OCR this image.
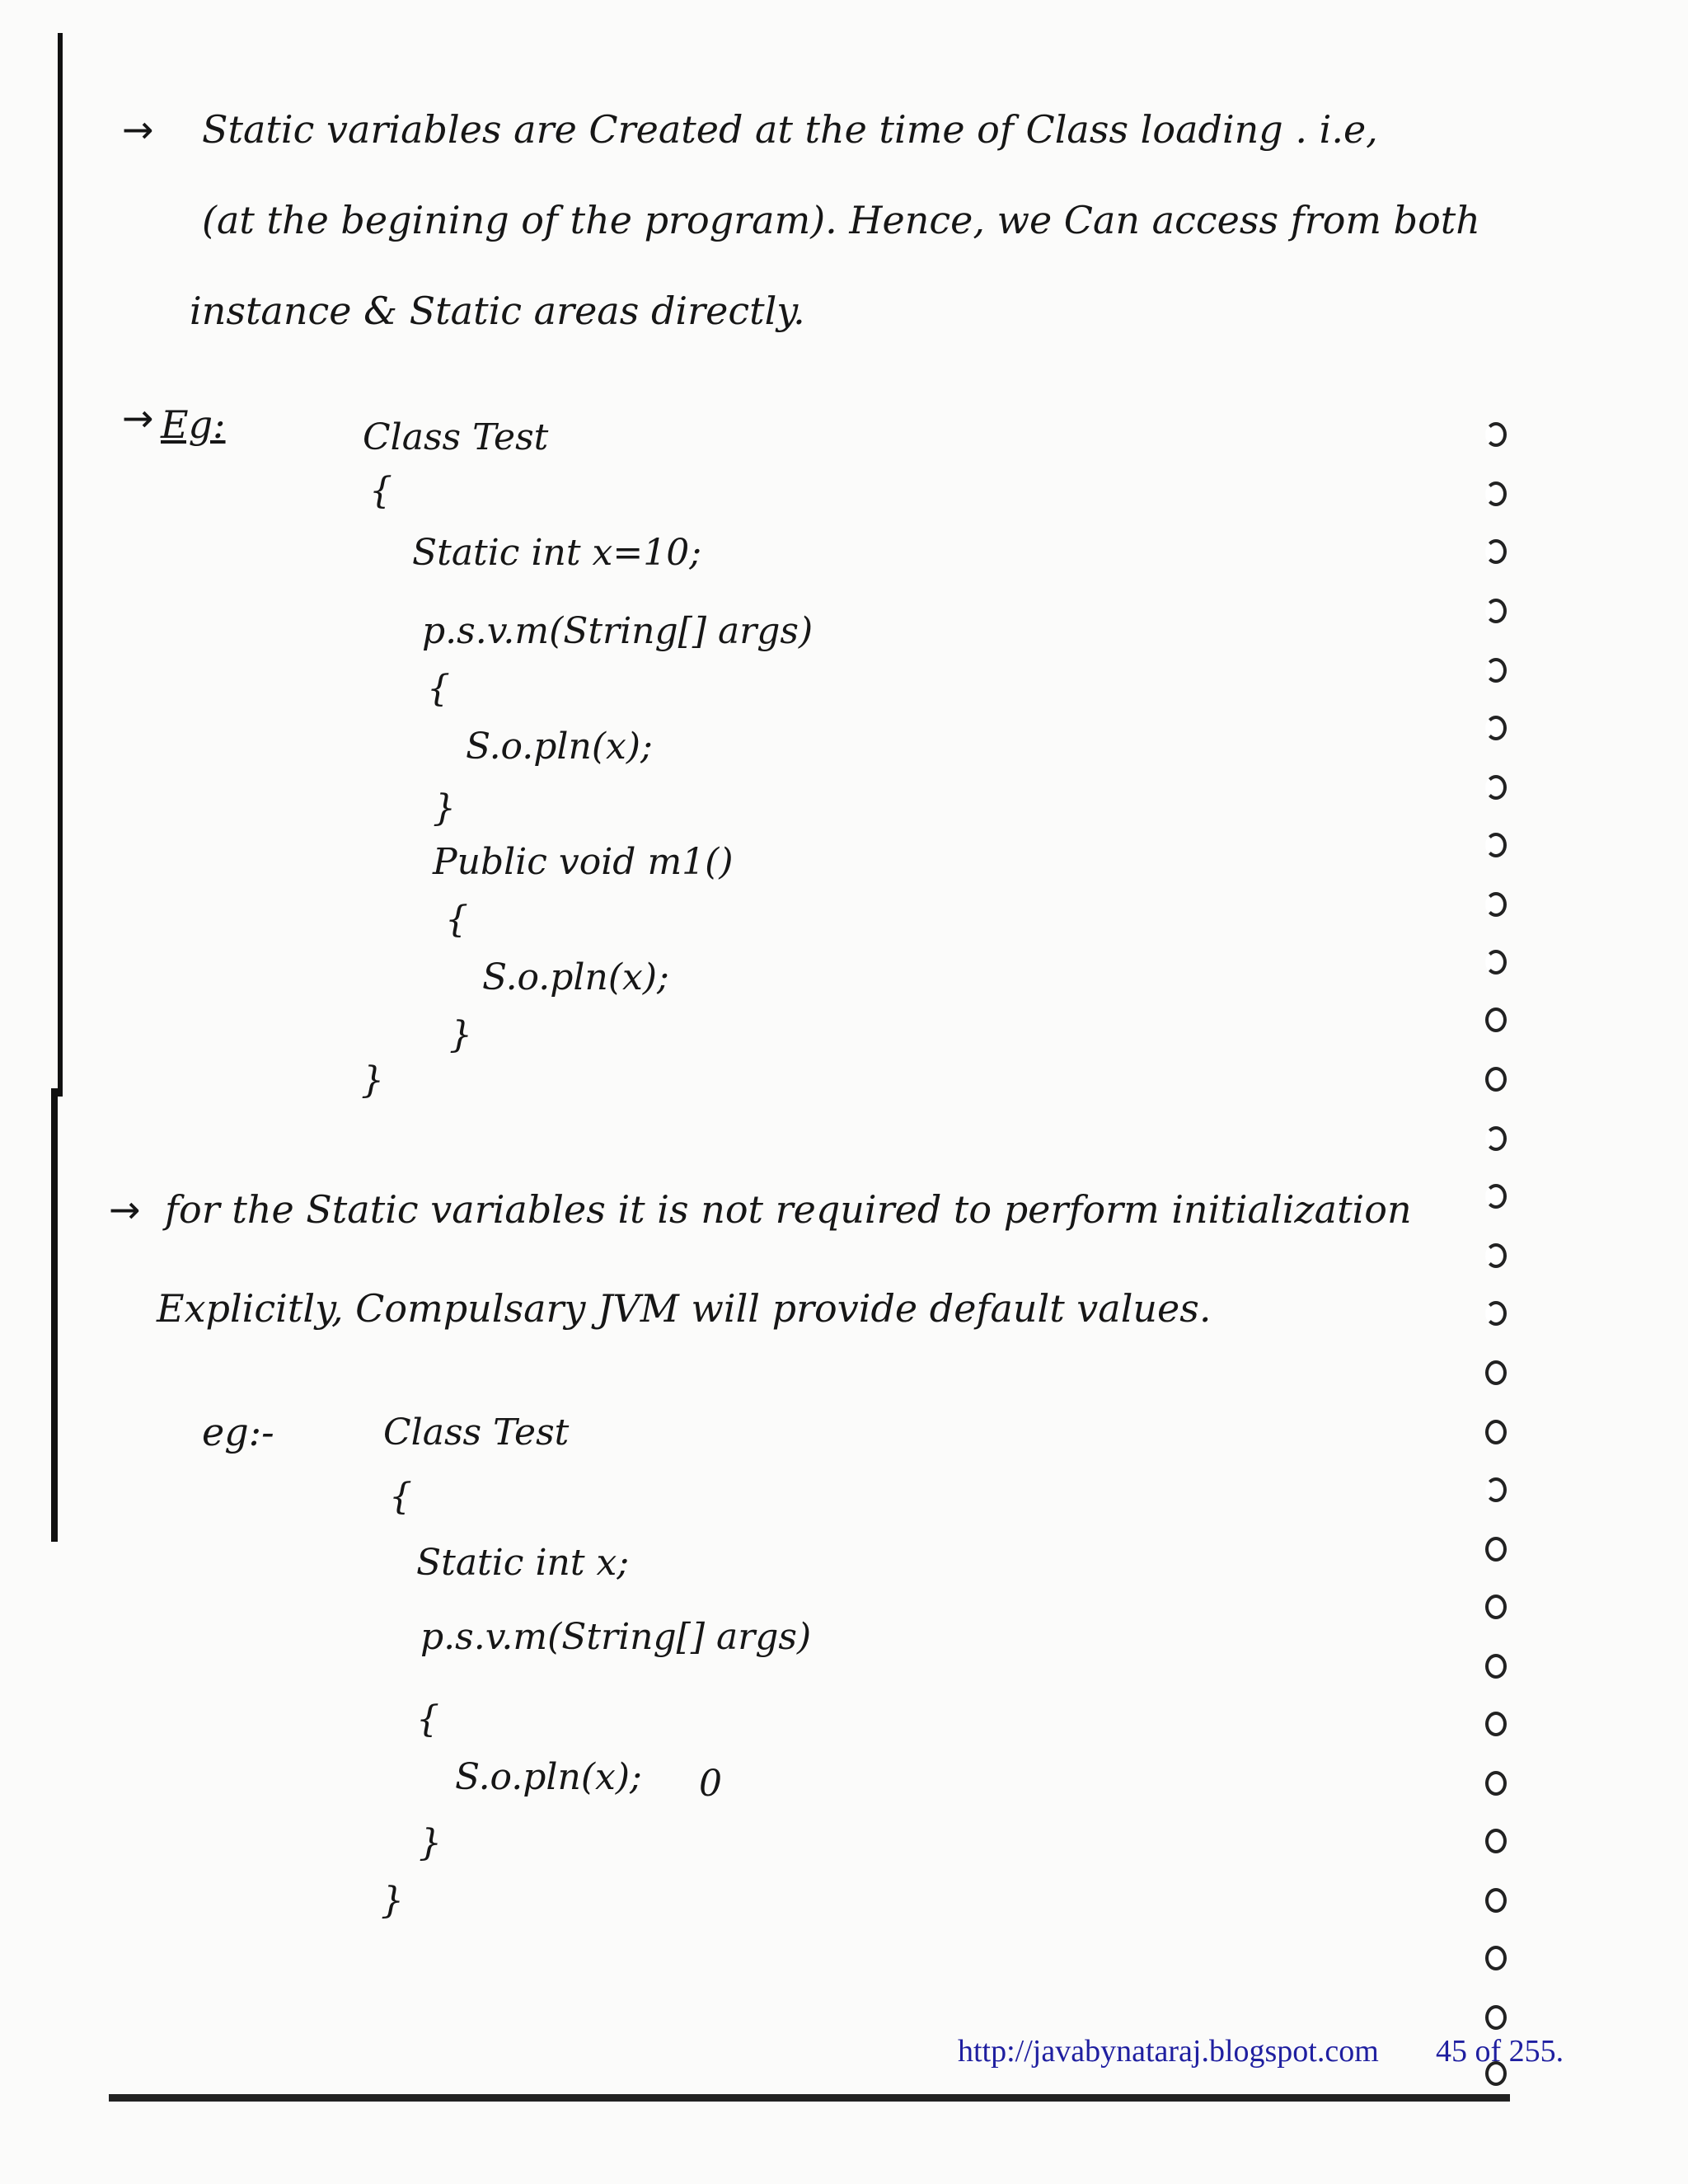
→ Static variables are Created at the time of Class loading . i.e,
(at the begining of the program). Hence, we Can access from both
instance & Static areas directly.
→ Eg:	Class Test
{
Static int x=10;
p.s.v.m(String[] args)
{
S.o.pln(x);
}
Public void m1()
{
S.o.pln(x);
}
}
→ for the Static variables it is not required to perform initialization
Explicitly, Compulsary JVM will provide default values.
eg:-	Class Test
{
Static int x;
p.s.v.m(String[] args)
{
S.o.pln(x); 0
}
}
http://javabynataraj.blogspot.com 45 of 255.
